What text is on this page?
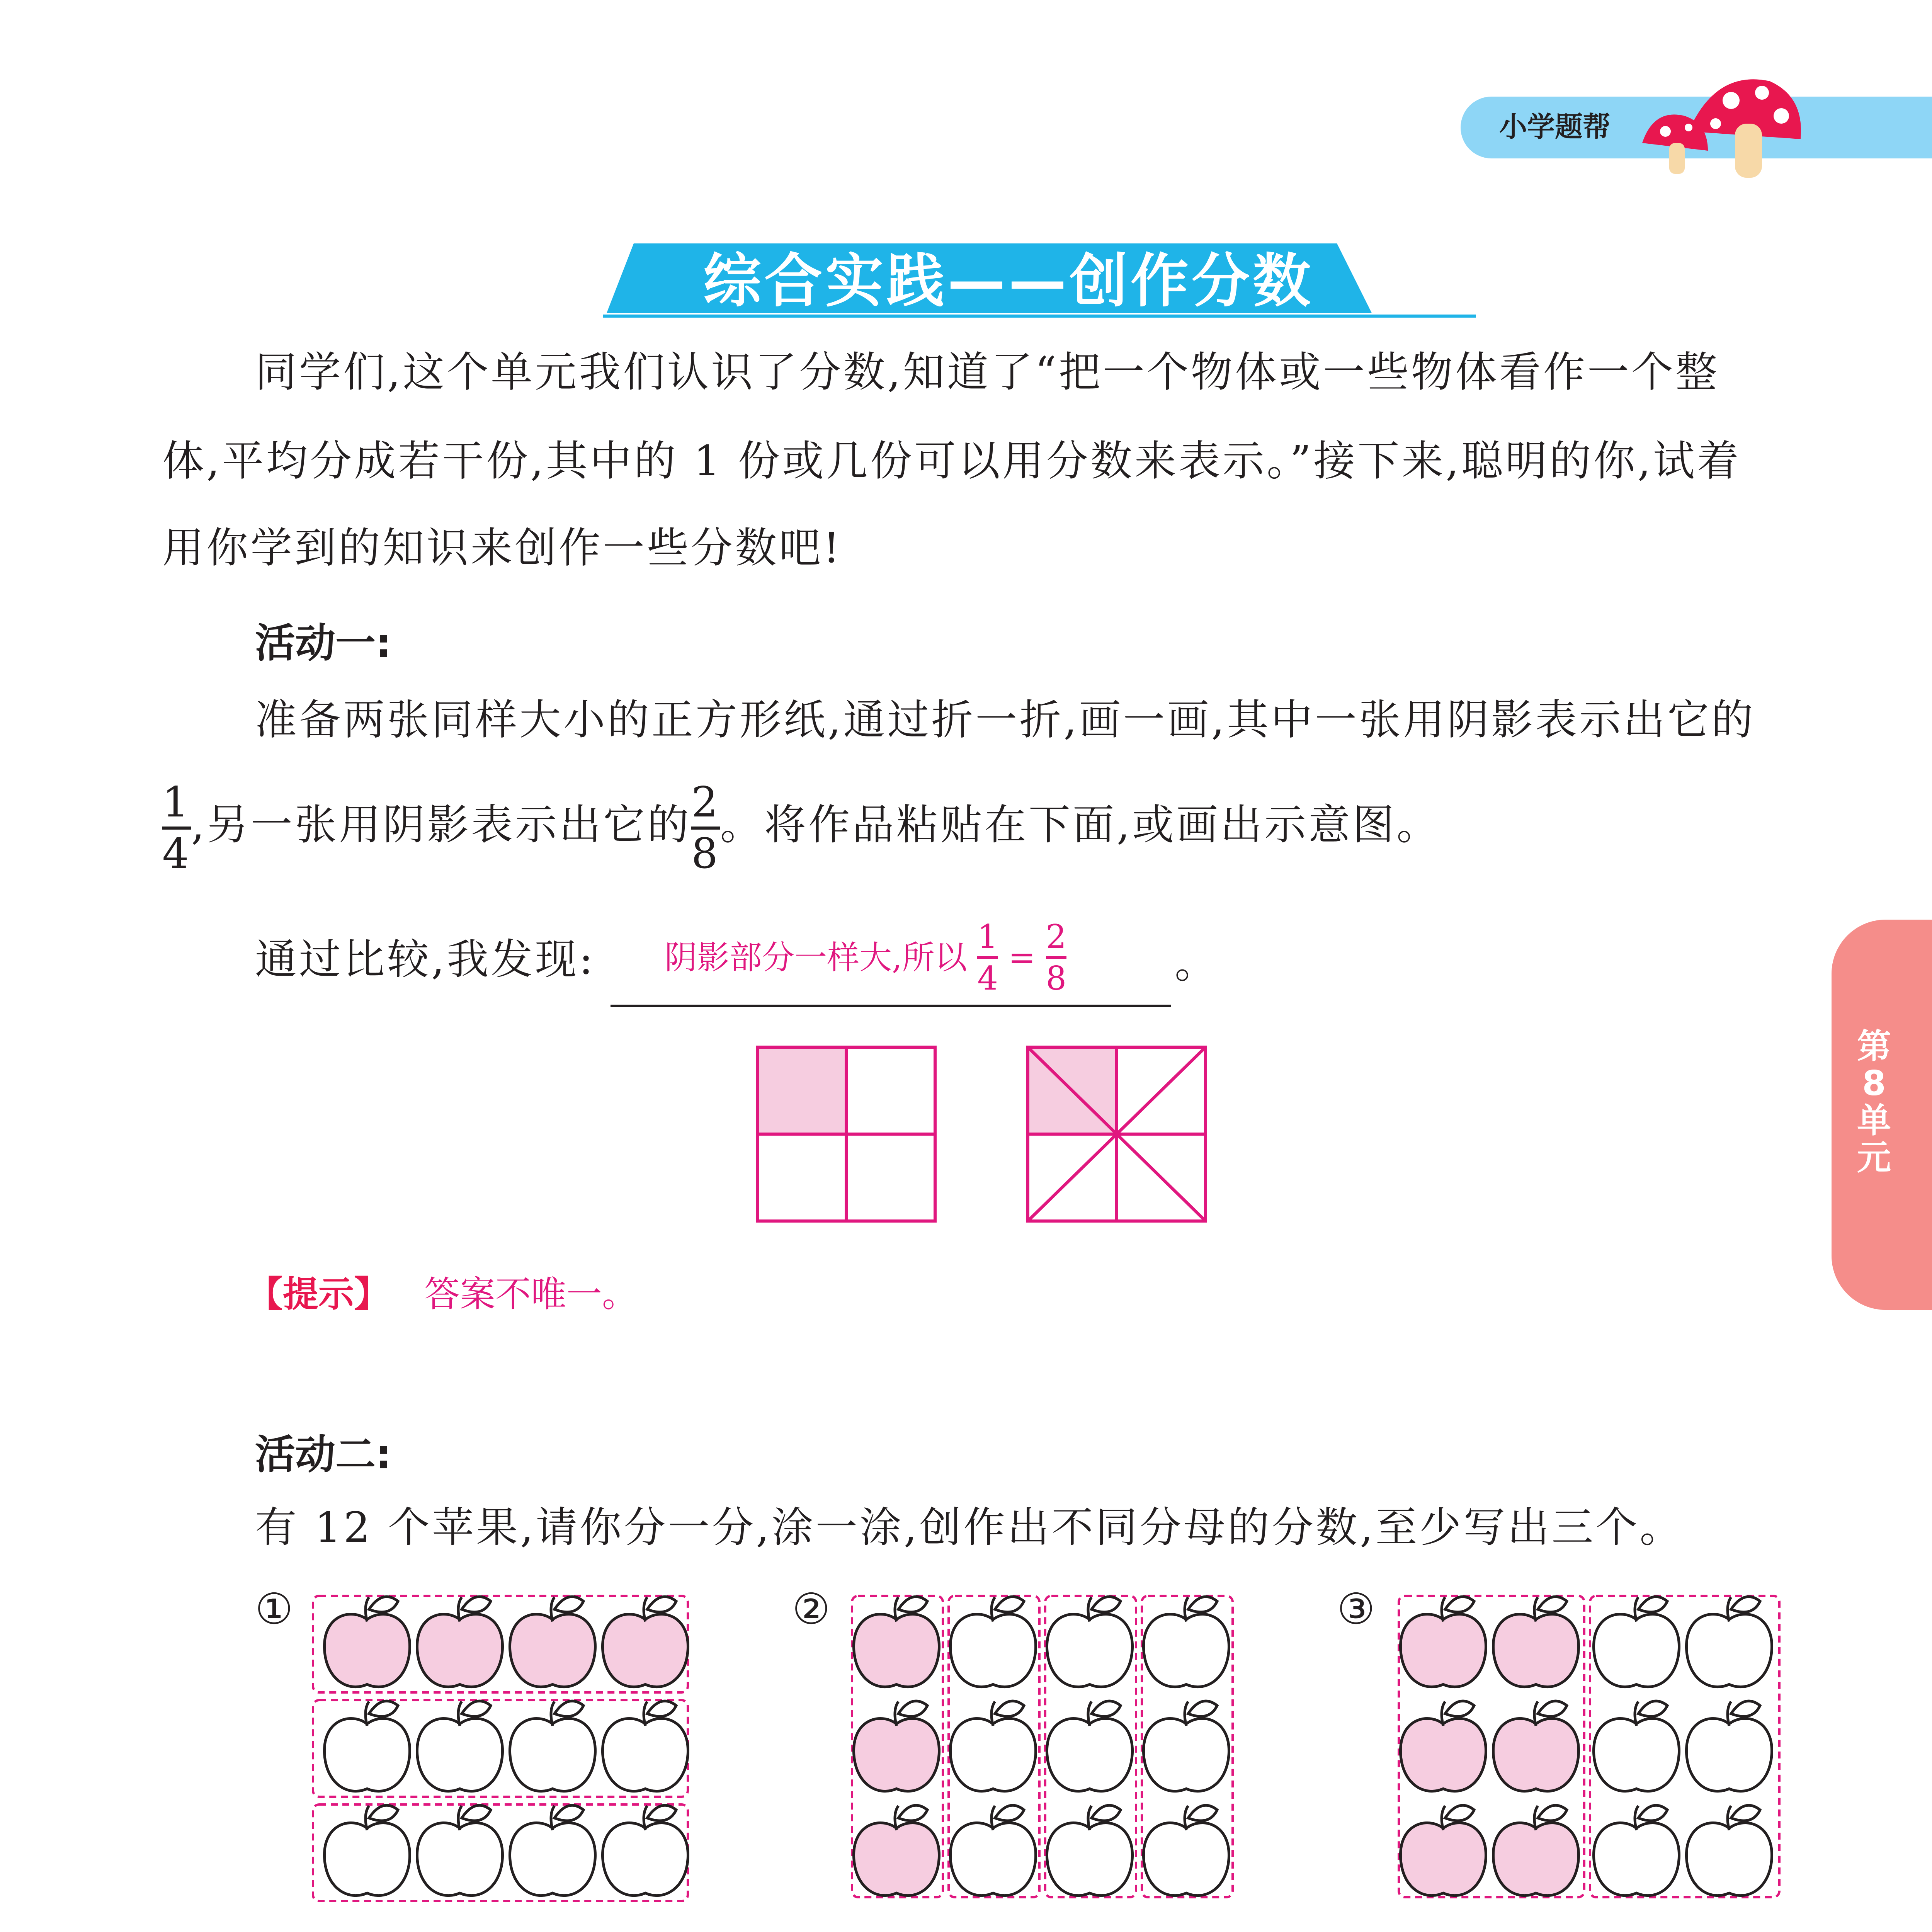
小学题帮
综合实践——创作分数
同学们,这个单元我们认识了分数,知道了“把一个物体或一些物体看作一个整
体,平均分成若干份,其中的 1 份或几份可以用分数来表示。”接下来,聪明的你,试着
用你学到的知识来创作一些分数吧!
活动一:
准备两张同样大小的正方形纸,通过折一折,画一画,其中一张用阴影表示出它的
1
4
,另一张用阴影表示出它的 2
8
。将作品粘贴在下面,或画出示意图。
通过比较,我发现: 阴影部分一样大,所以
1
4
=
2
8	。
【提示】 答案不唯一。
第8单元
活动二:
有 12 个苹果,请你分一分,涂一涂,创作出不同分母的分数,至少写出三个。
①	②	③
